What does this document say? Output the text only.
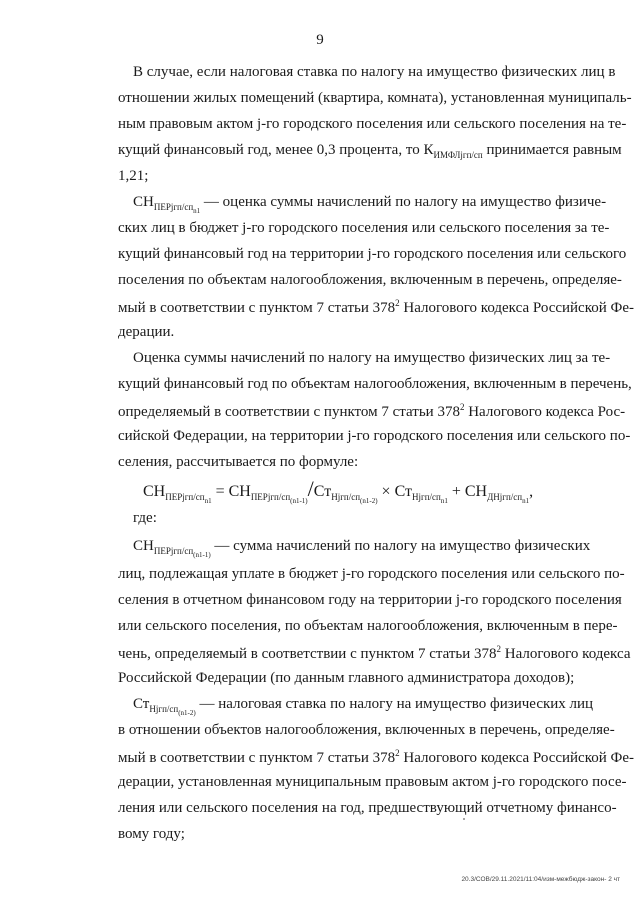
9
В случае, если налоговая ставка по налогу на имущество физических лиц в
отношении жилых помещений (квартира, комната), установленная муниципаль-
ным правовым актом j-го городского поселения или сельского поселения на те-
кущий финансовый год, менее 0,3 процента, то $К_{ИМФЛjгп/сп}$ принимается равным
1,21;
$СН_{ПЕРjгп/сп_{n1}}$ — оценка суммы начислений по налогу на имущество физиче-
ских лиц в бюджет j-го городского поселения или сельского поселения за те-
кущий финансовый год на территории j-го городского поселения или сельского
поселения по объектам налогообложения, включенным в перечень, определяе-
мый в соответствии с пунктом 7 статьи $378^2$ Налогового кодекса Российской Фе-
дерации.
Оценка суммы начислений по налогу на имущество физических лиц за те-
кущий финансовый год по объектам налогообложения, включенным в перечень,
определяемый в соответствии с пунктом 7 статьи $378^2$ Налогового кодекса Рос-
сийской Федерации, на территории j-го городского поселения или сельского по-
селения, рассчитывается по формуле:
$СН_{ПЕРjгп/сп_{n1}} = СН_{ПЕРjгп/сп_{(n1-1)}}/Ст_{Нjгп/сп_{(n1-2)}} \times Ст_{Нjгп/сп_{n1}} + СН_{ДНjгп/сп_{n1}}$,
где:
$СН_{ПЕРjгп/сп_{(n1-1)}}$ — сумма начислений по налогу на имущество физических
лиц, подлежащая уплате в бюджет j-го городского поселения или сельского по-
селения в отчетном финансовом году на территории j-го городского поселения
или сельского поселения, по объектам налогообложения, включенным в пере-
чень, определяемый в соответствии с пунктом 7 статьи $378^2$ Налогового кодекса
Российской Федерации (по данным главного администратора доходов);
$Ст_{Нjгп/сп_{(n1-2)}}$ — налоговая ставка по налогу на имущество физических лиц
в отношении объектов налогообложения, включенных в перечень, определяе-
мый в соответствии с пунктом 7 статьи $378^2$ Налогового кодекса Российской Фе-
дерации, установленная муниципальным правовым актом j-го городского посе-
ления или сельского поселения на год, предшествующий отчетному финансо-
вому году;
20.3/СОВ/29.11.2021/11:04/изм-межбюдж-закон- 2 чт
